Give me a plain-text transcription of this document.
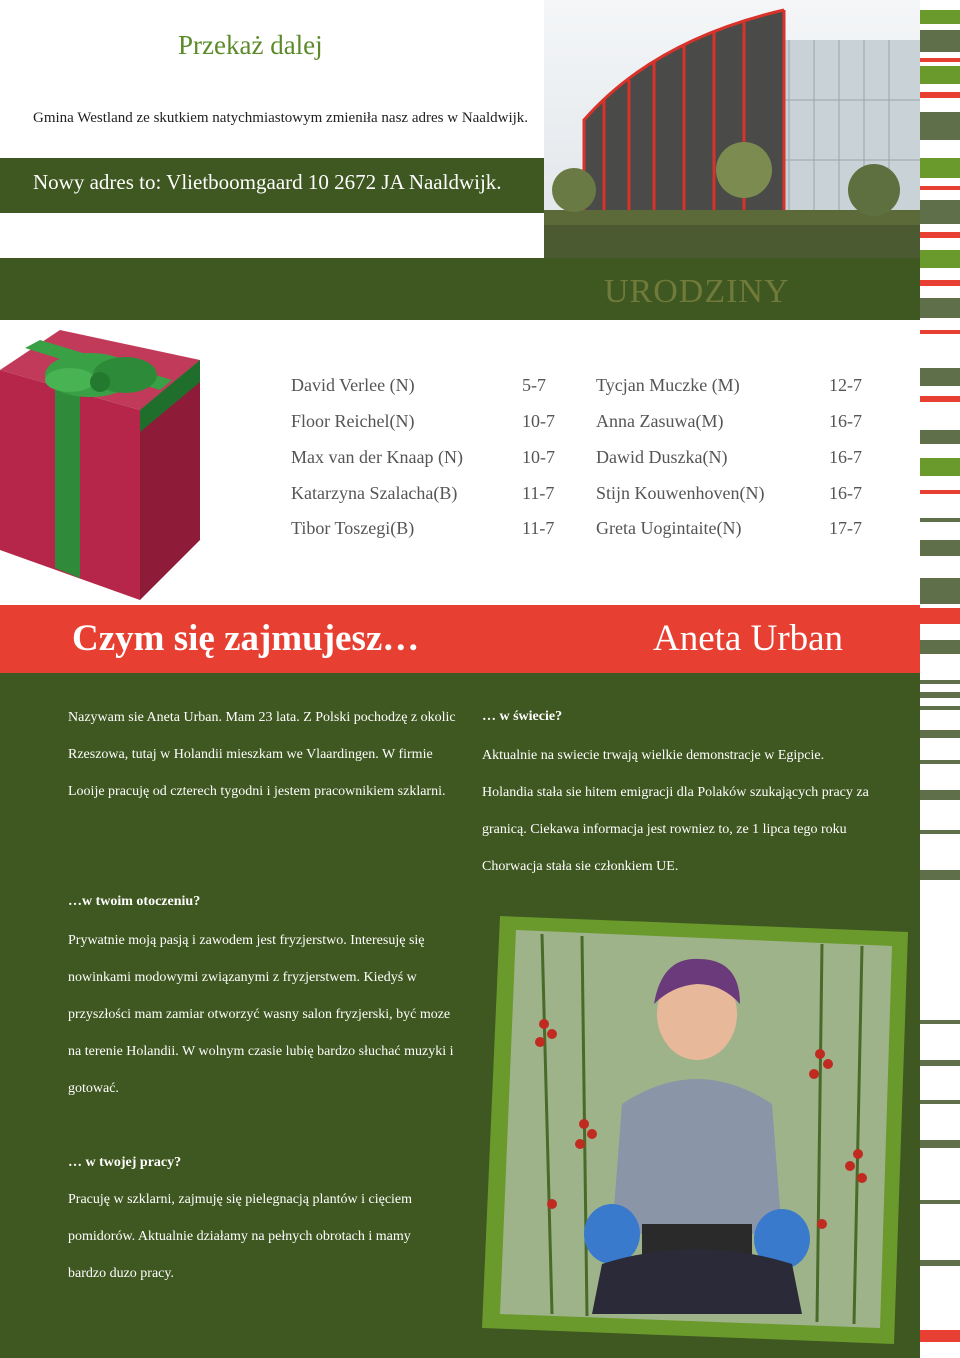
Przekaż dalej
Gmina Westland ze skutkiem natychmiastowym zmieniła nasz adres w Naaldwijk.
Nowy adres to: Vlietboomgaard 10 2672 JA Naaldwijk.
URODZINY
David Verlee (N)	5-7
Floor Reichel(N)	10-7
Max van der Knaap (N)	10-7
Katarzyna Szalacha(B)	11-7
Tibor Toszegi(B)	11-7
Tycjan Muczke (M)	12-7
Anna Zasuwa(M)	16-7
Dawid Duszka(N)	16-7
Stijn Kouwenhoven(N)	16-7
Greta Uogintaite(N)	17-7
Czym się zajmujesz…	Aneta Urban
Nazywam sie Aneta Urban. Mam 23 lata. Z Polski pochodzę z okolic Rzeszowa, tutaj w Holandii mieszkam we Vlaardingen. W firmie Looije pracuję od czterech tygodni i jestem pracownikiem szklarni.
… w świecie?
Aktualnie na swiecie trwają wielkie demonstracje w Egipcie. Holandia stała sie hitem emigracji dla Polaków szukających pracy za granicą. Ciekawa informacja jest rowniez to, ze 1 lipca tego roku Chorwacja stała sie członkiem UE.
…w twoim otoczeniu?
Prywatnie moją pasją i zawodem jest fryzjerstwo. Interesuję się nowinkami modowymi związanymi z fryzjerstwem. Kiedyś w przyszłości mam zamiar otworzyć wasny salon fryzjerski, być moze na terenie Holandii. W wolnym czasie lubię bardzo słuchać muzyki i gotować.
… w twojej pracy?
Pracuję w szklarni, zajmuję się pielegnacją plantów i cięciem pomidorów. Aktualnie działamy na pełnych obrotach i mamy bardzo duzo pracy.
